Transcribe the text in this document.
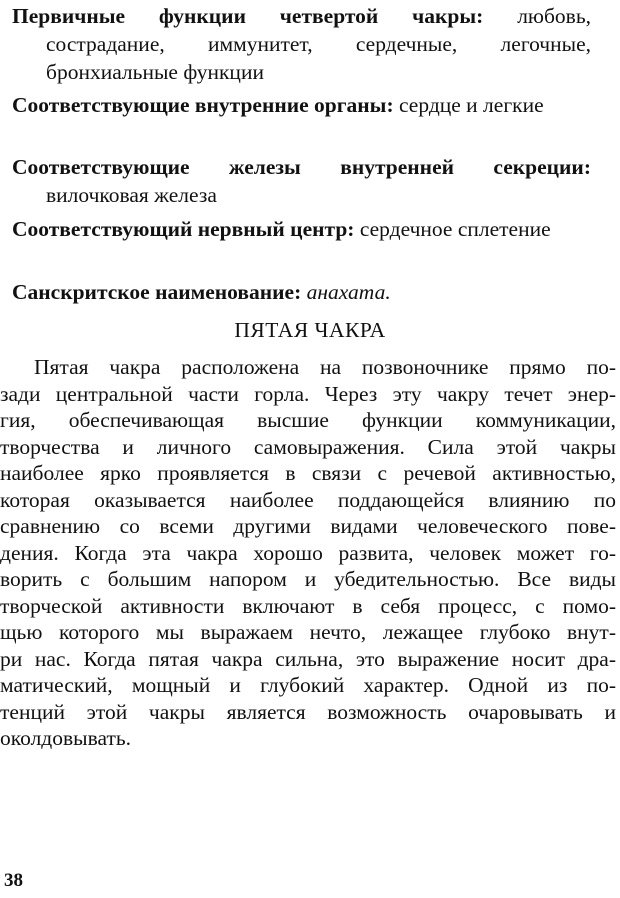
Первичные функции четвертой чакры: любовь, сострадание, иммунитет, сердечные, легочные, бронхиальные функции
Соответствующие внутренние органы: сердце и легкие
Соответствующие железы внутренней секреции: вилочковая железа
Соответствующий нервный центр: сердечное сплетение
Санскритское наименование: анахата.
ПЯТАЯ ЧАКРА
Пятая чакра расположена на позвоночнике прямо по-
зади центральной части горла. Через эту чакру течет энер-
гия, обеспечивающая высшие функции коммуникации,
творчества и личного самовыражения. Сила этой чакры
наиболее ярко проявляется в связи с речевой активностью,
которая оказывается наиболее поддающейся влиянию по
сравнению со всеми другими видами человеческого пове-
дения. Когда эта чакра хорошо развита, человек может го-
ворить с большим напором и убедительностью. Все виды
творческой активности включают в себя процесс, с помо-
щью которого мы выражаем нечто, лежащее глубоко внут-
ри нас. Когда пятая чакра сильна, это выражение носит дра-
матический, мощный и глубокий характер. Одной из по-
тенций этой чакры является возможность очаровывать и
околдовывать.
38
